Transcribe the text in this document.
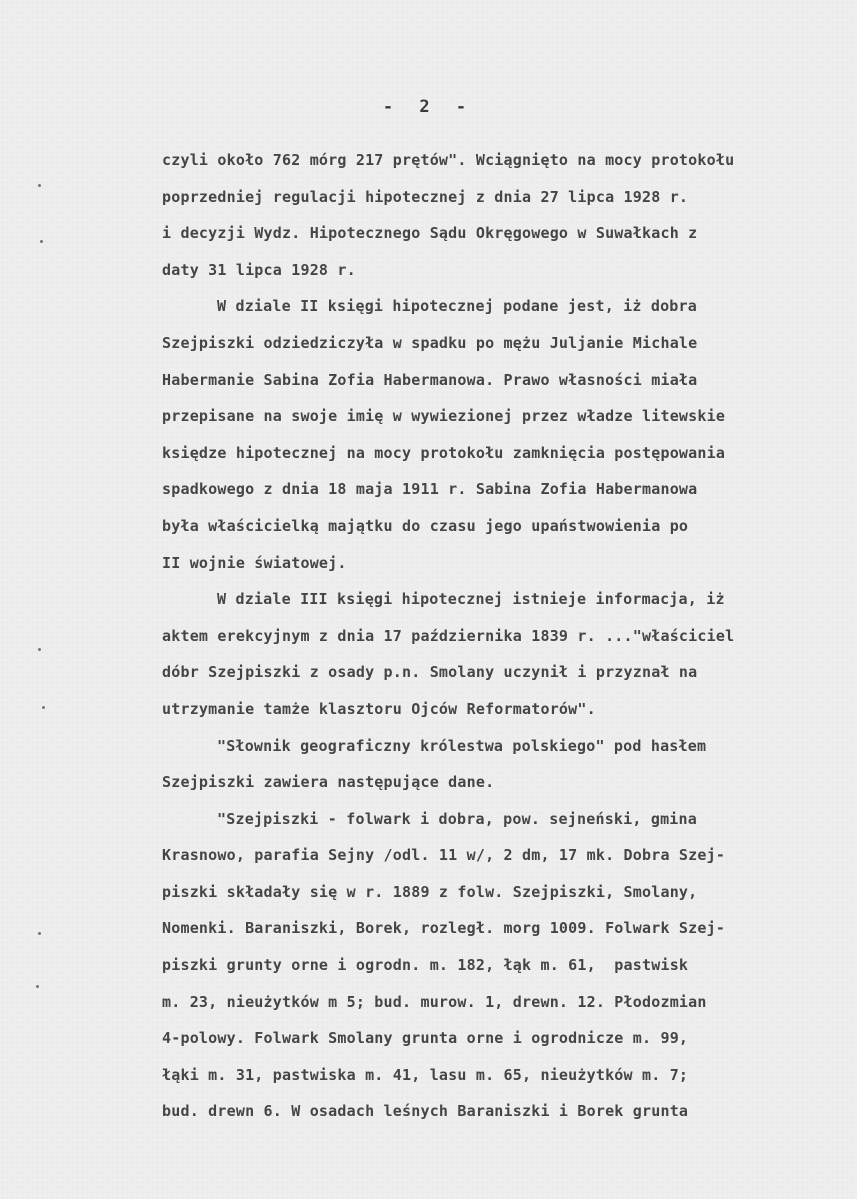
- 2 -
czyli około 762 mórg 217 prętów". Wciągnięto na mocy protokołu
poprzedniej regulacji hipotecznej z dnia 27 lipca 1928 r.
i decyzji Wydz. Hipotecznego Sądu Okręgowego w Suwałkach z
daty 31 lipca 1928 r.
W dziale II księgi hipotecznej podane jest, iż dobra
Szejpiszki odziedziczyła w spadku po mężu Juljanie Michale
Habermanie Sabina Zofia Habermanowa. Prawo własności miała
przepisane na swoje imię w wywiezionej przez władze litewskie
księdze hipotecznej na mocy protokołu zamknięcia postępowania
spadkowego z dnia 18 maja 1911 r. Sabina Zofia Habermanowa
była właścicielką majątku do czasu jego upaństwowienia po
II wojnie światowej.
W dziale III księgi hipotecznej istnieje informacja, iż
aktem erekcyjnym z dnia 17 października 1839 r. ..."właściciel
dóbr Szejpiszki z osady p.n. Smolany uczynił i przyznał na
utrzymanie tamże klasztoru Ojców Reformatorów".
"Słownik geograficzny królestwa polskiego" pod hasłem
Szejpiszki zawiera następujące dane.
"Szejpiszki - folwark i dobra, pow. sejneński, gmina
Krasnowo, parafia Sejny /odl. 11 w/, 2 dm, 17 mk. Dobra Szej-
piszki składały się w r. 1889 z folw. Szejpiszki, Smolany,
Nomenki. Baraniszki, Borek, rozległ. morg 1009. Folwark Szej-
piszki grunty orne i ogrodn. m. 182, łąk m. 61,  pastwisk
m. 23, nieużytków m 5; bud. murow. 1, drewn. 12. Płodozmian
4-polowy. Folwark Smolany grunta orne i ogrodnicze m. 99,
łąki m. 31, pastwiska m. 41, lasu m. 65, nieużytków m. 7;
bud. drewn 6. W osadach leśnych Baraniszki i Borek grunta
